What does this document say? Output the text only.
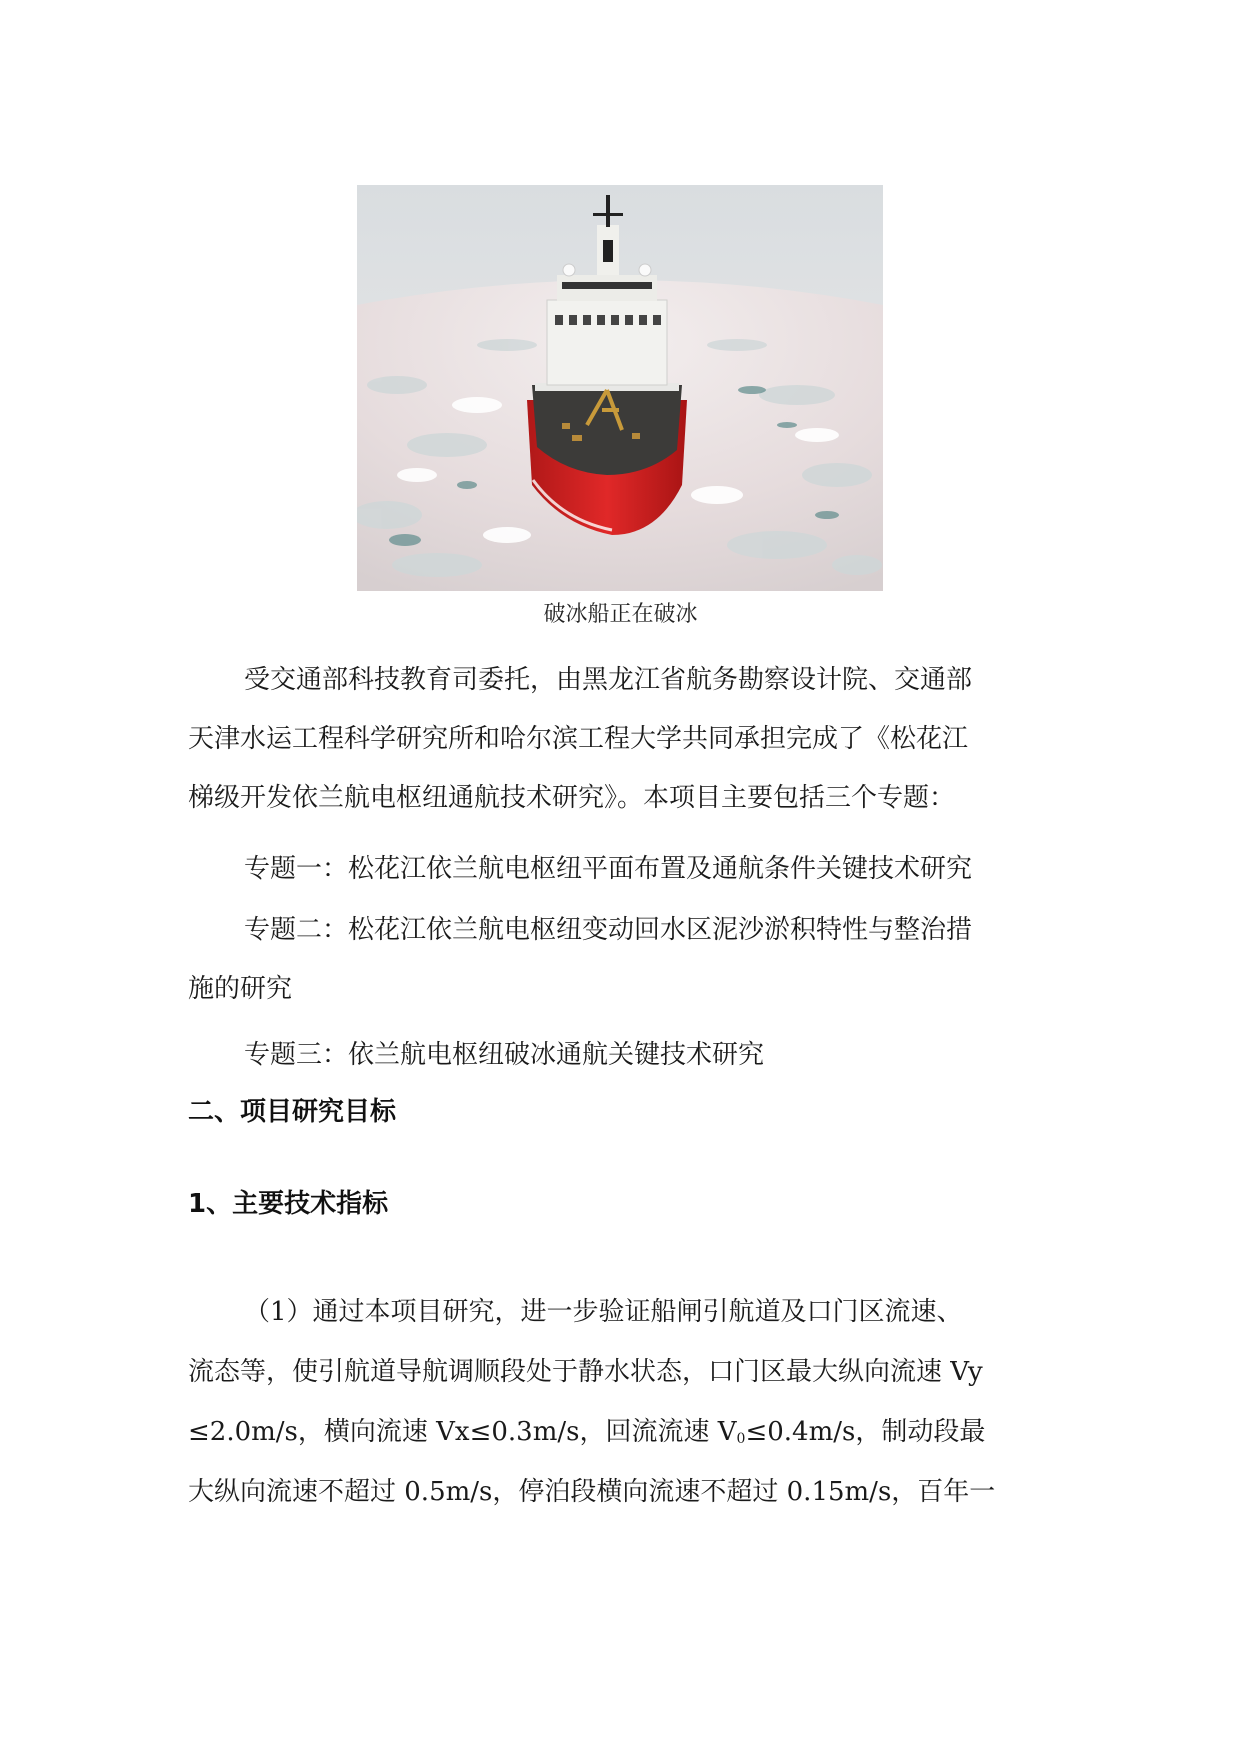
破冰船正在破冰
受交通部科技教育司委托，由黑龙江省航务勘察设计院、交通部
天津水运工程科学研究所和哈尔滨工程大学共同承担完成了《松花江
梯级开发依兰航电枢纽通航技术研究》。本项目主要包括三个专题：
专题一：松花江依兰航电枢纽平面布置及通航条件关键技术研究
专题二：松花江依兰航电枢纽变动回水区泥沙淤积特性与整治措
施的研究
专题三：依兰航电枢纽破冰通航关键技术研究
二、项目研究目标
1、主要技术指标
（1）通过本项目研究，进一步验证船闸引航道及口门区流速、
流态等，使引航道导航调顺段处于静水状态，口门区最大纵向流速 Vy
≤2.0m/s，横向流速 Vx≤0.3m/s，回流流速 $V_0\le 0.4m/s$，制动段最
大纵向流速不超过 0.5m/s，停泊段横向流速不超过 0.15m/s，百年一
